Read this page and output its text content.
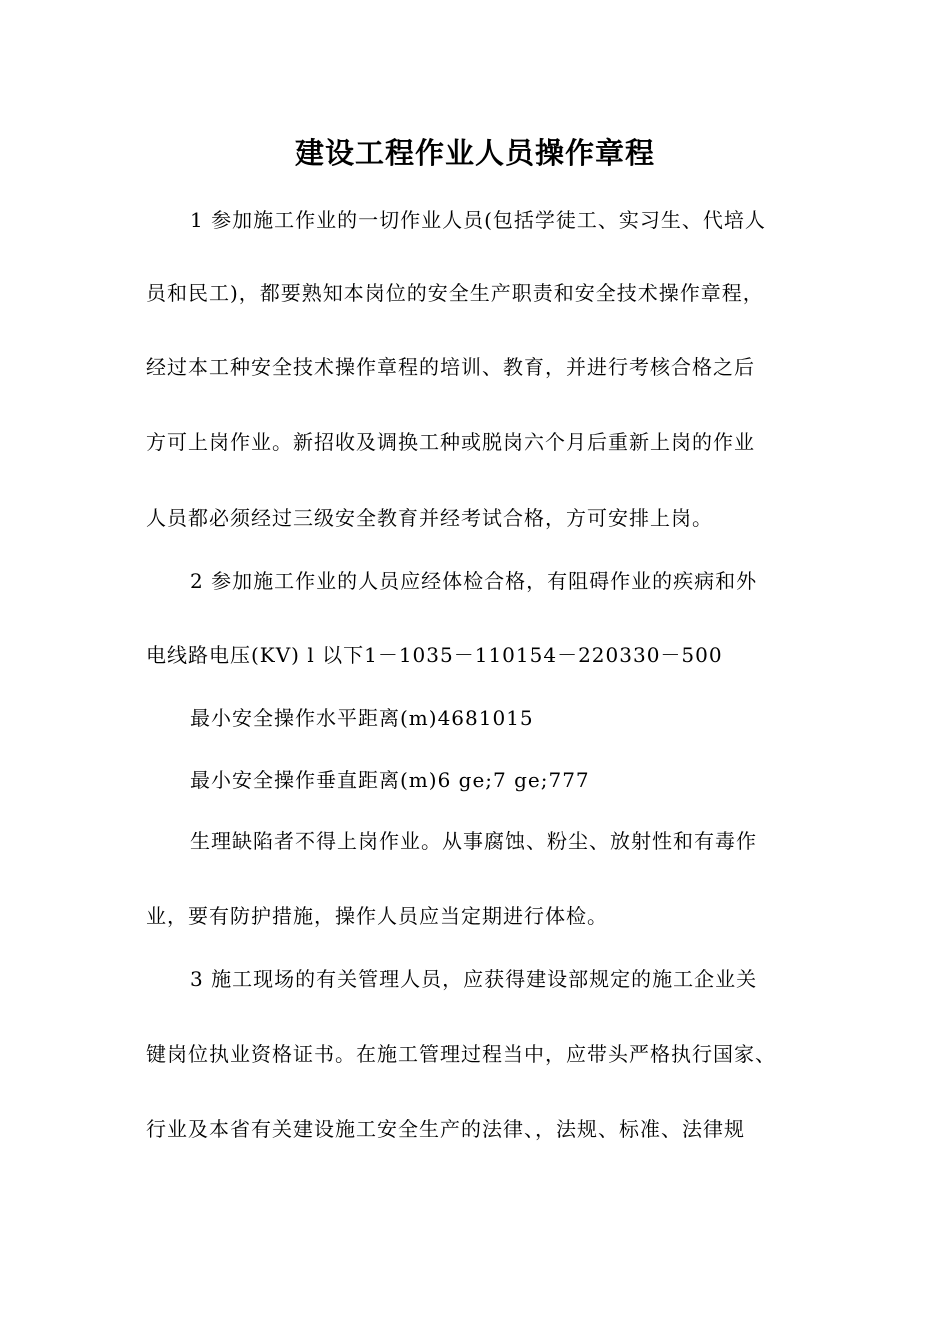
建设工程作业人员操作章程
1 参加施工作业的一切作业人员(包括学徒工、实习生、代培人
员和民工)，都要熟知本岗位的安全生产职责和安全技术操作章程，
经过本工种安全技术操作章程的培训、教育，并进行考核合格之后
方可上岗作业。新招收及调换工种或脱岗六个月后重新上岗的作业
人员都必须经过三级安全教育并经考试合格，方可安排上岗。
2 参加施工作业的人员应经体检合格，有阻碍作业的疾病和外
电线路电压(KV) l 以下1－1035－110154－220330－500
最小安全操作水平距离(m)4681015
最小安全操作垂直距离(m)6 ge;7 ge;777
生理缺陷者不得上岗作业。从事腐蚀、粉尘、放射性和有毒作
业，要有防护措施，操作人员应当定期进行体检。
3 施工现场的有关管理人员，应获得建设部规定的施工企业关
键岗位执业资格证书。在施工管理过程当中，应带头严格执行国家、
行业及本省有关建设施工安全生产的法律、，法规、标准、法律规
